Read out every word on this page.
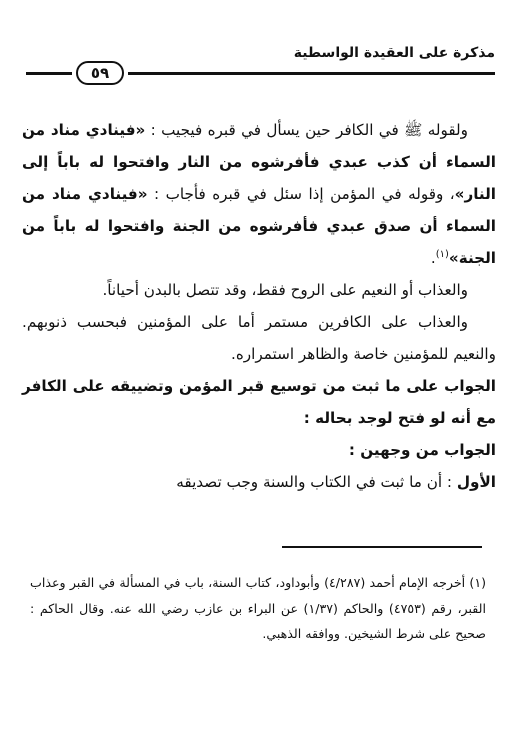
مذكرة على العقيدة الواسطية
٥٩

ولقوله ﷺ في الكافر حين يسأل في قبره فيجيب : «فينادي مناد من السماء أن كذب عبدي فأفرشوه من النار وافتحوا له باباً إلى النار»، وقوله في المؤمن إذا سئل في قبره فأجاب : «فينادي مناد من السماء أن صدق عبدي فأفرشوه من الجنة وافتحوا له باباً من الجنة»$^{(١)}$.

والعذاب أو النعيم على الروح فقط، وقد تتصل بالبدن أحياناً.

والعذاب على الكافرين مستمر أما على المؤمنين فبحسب ذنوبهم. والنعيم للمؤمنين خاصة والظاهر استمراره.

الجواب على ما ثبت من توسيع قبر المؤمن وتضييقه على الكافر مع أنه لو فتح لوجد بحاله :

الجواب من وجهين :

الأول : أن ما ثبت في الكتاب والسنة وجب تصديقه

(١) أخرجه الإمام أحمد (٤/٢٨٧) وأبوداود، كتاب السنة، باب في المسألة في القبر وعذاب القبر، رقم (٤٧٥٣) والحاكم (١/٣٧) عن البراء بن عازب رضي الله عنه. وقال الحاكم : صحيح على شرط الشيخين. ووافقه الذهبي.
